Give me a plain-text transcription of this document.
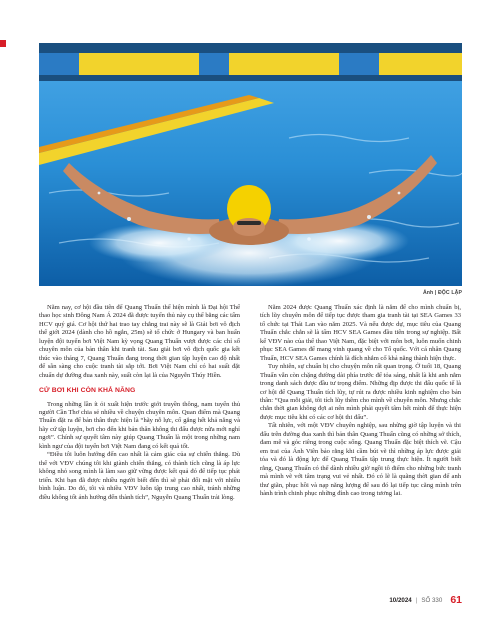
Ảnh | ĐỘC LẬP

Năm nay, cơ hội đầu tiên để Quang Thuấn thể hiện mình là Đại hội Thể thao học sinh Đông Nam Á 2024 đã được tuyển thủ này cụ thể bằng các tấm HCV quý giá. Cơ hội thứ hai trao tay chẳng trai này sẽ là Giải bơi vô địch thế giới 2024 (dành cho hồ ngắn, 25m) sẽ tổ chức ở Hungary và ban huấn luyện đội tuyển bơi Việt Nam kỳ vọng Quang Thuấn vượt được các chỉ số chuyên môn của bản thân khi tranh tài. Sau giải bơi vô địch quốc gia kết thúc vào tháng 7, Quang Thuấn đang trong thời gian tập luyện cao độ nhất để sẵn sàng cho cuộc tranh tài sắp tới. Bơi Việt Nam chỉ có hai suất đặt chuẩn dự đường đua xanh này, suất còn lại là của Nguyễn Thúy Hiền.

CỬ BƠI KHI CÒN KHẢ NĂNG

Trong những lần ít ỏi xuất hiện trước giới truyền thông, nam tuyển thủ người Cần Thơ chia sẻ nhiều về chuyện chuyên môn. Quan điểm mà Quang Thuấn đặt ra để bản thân thực hiện là “hãy nỗ lực, cố gắng hết khả năng và hãy cứ tập luyện, bơi cho đến khi bản thân không thi đấu được nữa mới nghỉ ngơi”. Chính sự quyết tâm này giúp Quang Thuấn là một trong những nam kình ngư của đội tuyển bơi Việt Nam đang có kết quả tốt.

“Điều tôi luôn hướng đến cao nhất là cảm giác của sự chiến thắng. Dù thế với VĐV chúng tôi khi giành chiến thắng, có thành tích cũng là áp lực không nhỏ song mình là làm sao giữ vững được kết quả đó để tiếp tục phát triển. Khi bạn đã được nhiều người biết đến thì sẽ phải đối mặt với nhiều bình luận. Do đó, tôi và nhiều VĐV luôn tập trung cao nhất, tránh những điều không tốt ảnh hưởng đến thành tích”, Nguyễn Quang Thuấn trải lòng.

Năm 2024 được Quang Thuấn xác định là năm để cho mình chuẩn bị, tích lũy chuyên môn để tiếp tục được tham gia tranh tài tại SEA Games 33 tổ chức tại Thái Lan vào năm 2025. Và nếu được dự, mục tiêu của Quang Thuấn chắc chắn sẽ là tấm HCV SEA Games đầu tiên trong sự nghiệp. Bất kể VĐV nào của thể thao Việt Nam, đặc biệt với môn bơi, luôn muốn chinh phục SEA Games để mang vinh quang về cho Tổ quốc. Với cá nhân Quang Thuấn, HCV SEA Games chính là đích nhắm cố khả năng thành hiện thực.

Tuy nhiên, sự chuẩn bị cho chuyện môn rất quan trọng. Ở tuổi 18, Quang Thuấn vẫn còn chặng đường dài phía trước để tỏa sáng, nhất là khi anh nằm trong danh sách được đầu tư trọng điểm. Những địp được thi đấu quốc tế là cơ hội để Quang Thuấn tích lũy, tự rút ra được nhiều kinh nghiệm cho bản thân: “Qua mỗi giải, tôi tích lũy thêm cho mình về chuyên môn. Nhưng chắc chắn thời gian không đợi ai nên mình phải quyết tâm hết mình để thực hiện được mục tiêu khi có các cơ hội thi đấu”.

Tất nhiên, với một VĐV chuyên nghiệp, sau những giờ tập luyện và thi đấu trên đường đua xanh thì bản thân Quang Thuấn cũng có những sở thích, đam mê và góc riêng trong cuộc sống. Quang Thuấn đặc biệt thích vẽ. Cậu em trai của Ánh Viên bảo rằng khi cầm bút vẽ thì những áp lực được giải tỏa và đó là động lực để Quang Thuấn tập trung thực hiện. Ít người biết rằng, Quang Thuấn có thể dành nhiều giờ ngồi tô điểm cho những bức tranh mà mình vẽ với tâm trạng vui vẻ nhất. Đó có lẽ là quãng thời gian để anh thư giãn, phục hồi và nạp năng lượng để sau đó lại tiếp tục căng mình trên hành trình chinh phục những đỉnh cao trong tương lai.

10/2024 | SỐ 330 61
